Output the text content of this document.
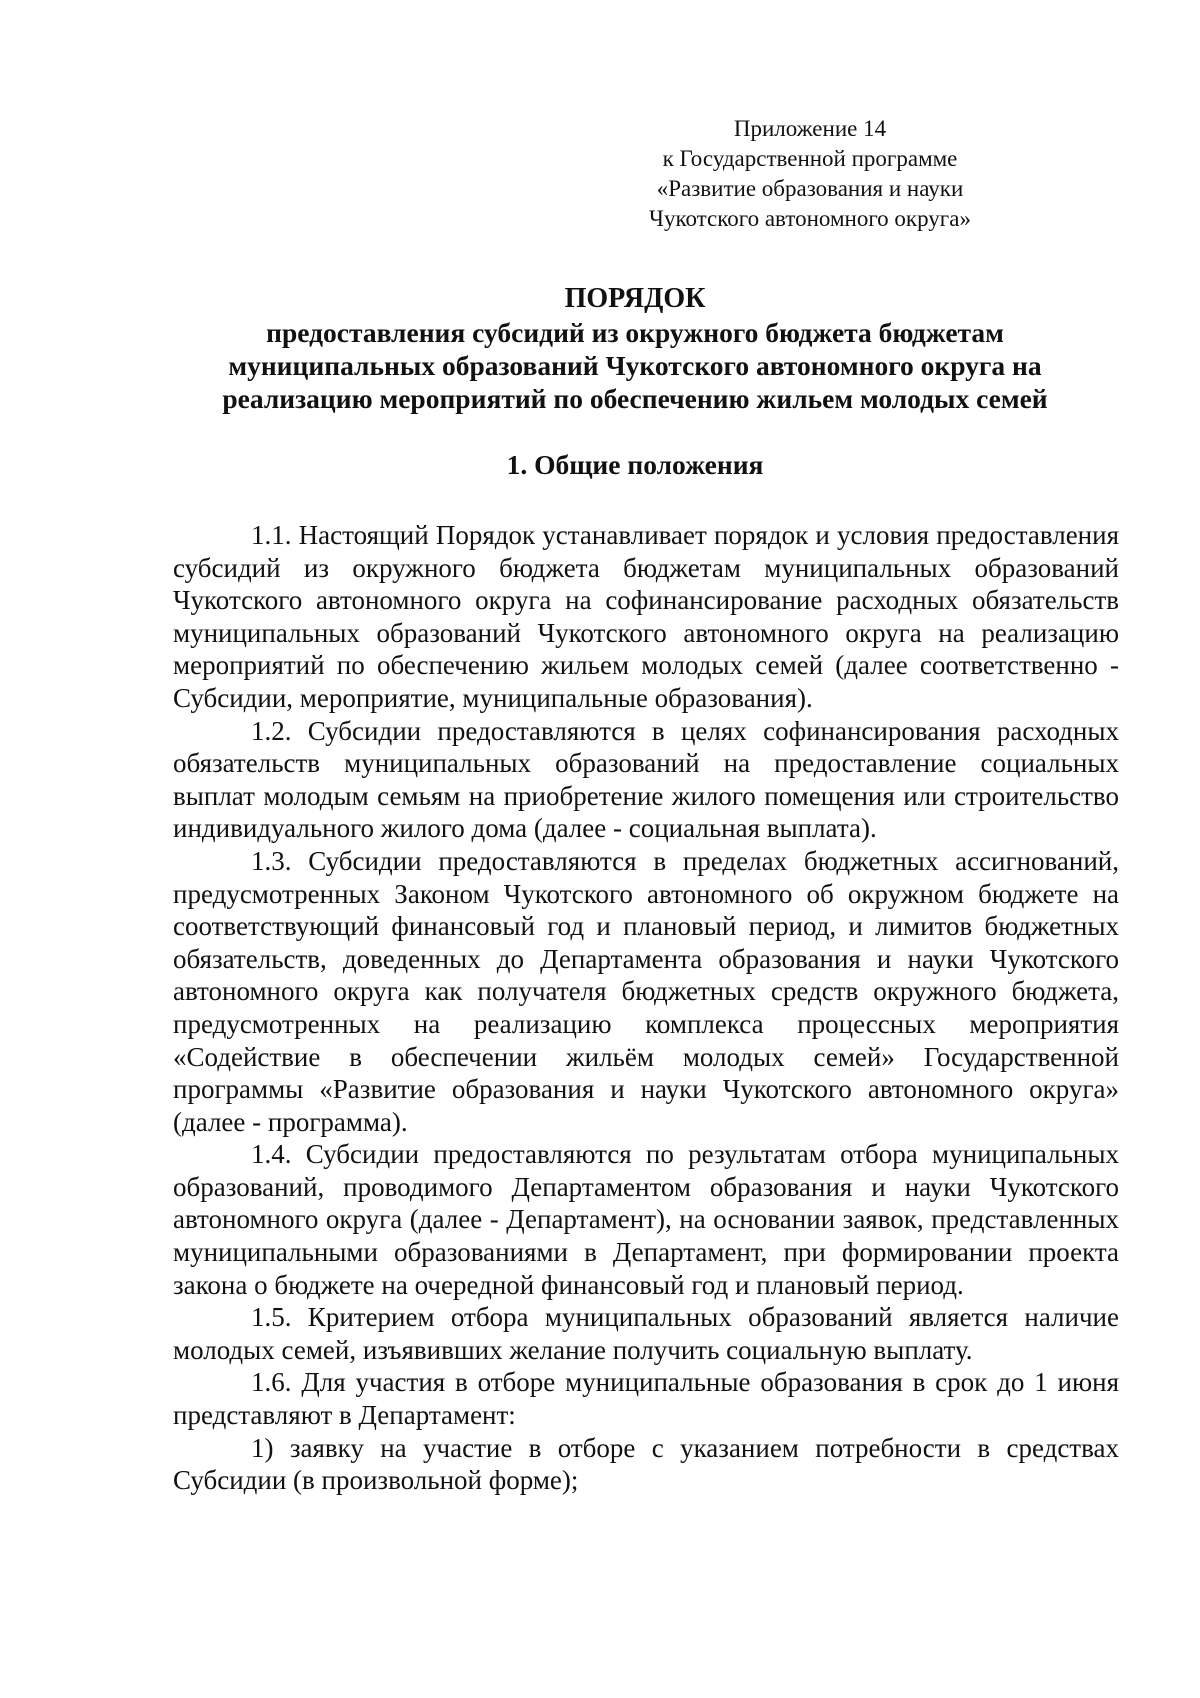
Приложение 14
к Государственной программе
«Развитие образования и науки
Чукотского автономного округа»
ПОРЯДОК
предоставления субсидий из окружного бюджета бюджетам
муниципальных образований Чукотского автономного округа на
реализацию мероприятий по обеспечению жильем молодых семей
1. Общие положения

1.1. Настоящий Порядок устанавливает порядок и условия предоставления субсидий из окружного бюджета бюджетам муниципальных образований Чукотского автономного округа на софинансирование расходных обязательств муниципальных образований Чукотского автономного округа на реализацию мероприятий по обеспечению жильем молодых семей (далее соответственно - Субсидии, мероприятие, муниципальные образования).

1.2. Субсидии предоставляются в целях софинансирования расходных обязательств муниципальных образований на предоставление социальных выплат молодым семьям на приобретение жилого помещения или строительство индивидуального жилого дома (далее - социальная выплата).

1.3. Субсидии предоставляются в пределах бюджетных ассигнований, предусмотренных Законом Чукотского автономного об окружном бюджете на соответствующий финансовый год и плановый период, и лимитов бюджетных обязательств, доведенных до Департамента образования и науки Чукотского автономного округа как получателя бюджетных средств окружного бюджета, предусмотренных на реализацию комплекса процессных мероприятия «Содействие в обеспечении жильём молодых семей» Государственной программы «Развитие образования и науки Чукотского автономного округа» (далее - программа).

1.4. Субсидии предоставляются по результатам отбора муниципальных образований, проводимого Департаментом образования и науки Чукотского автономного округа (далее - Департамент), на основании заявок, представленных муниципальными образованиями в Департамент, при формировании проекта закона о бюджете на очередной финансовый год и плановый период.

1.5. Критерием отбора муниципальных образований является наличие молодых семей, изъявивших желание получить социальную выплату.

1.6. Для участия в отборе муниципальные образования в срок до 1 июня представляют в Департамент:

1) заявку на участие в отборе с указанием потребности в средствах Субсидии (в произвольной форме);
